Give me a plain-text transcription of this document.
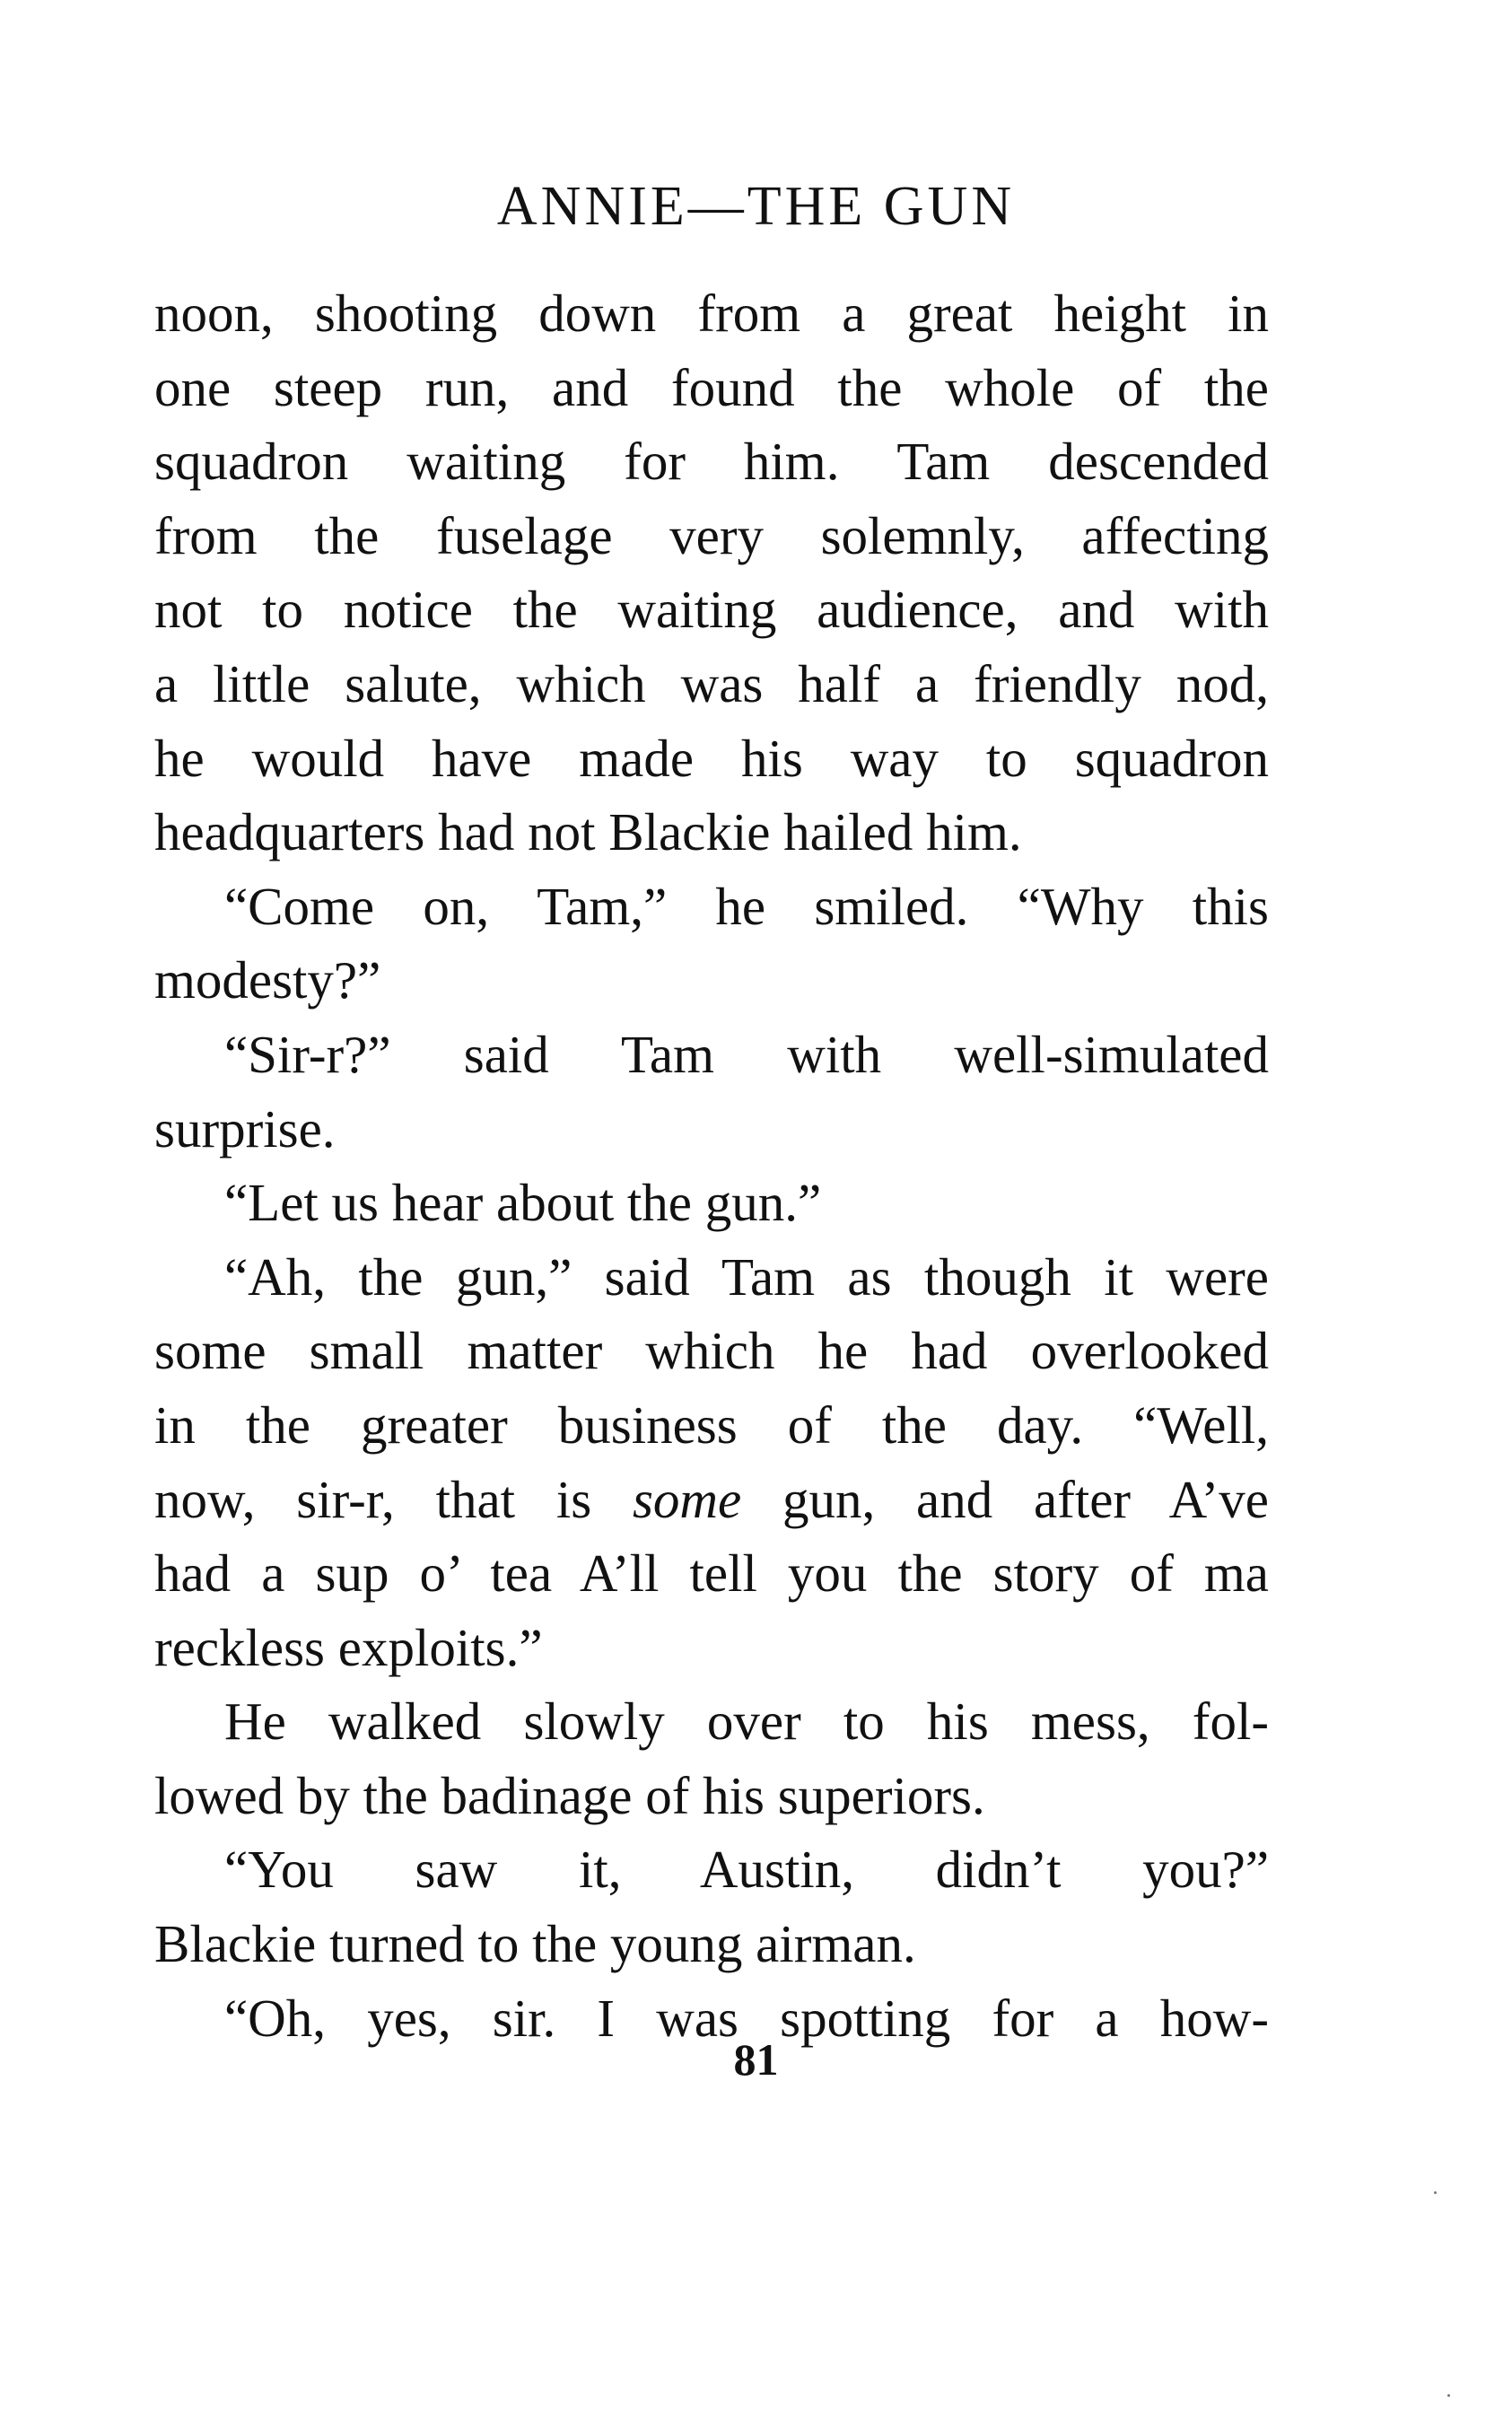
ANNIE—THE GUN
noon, shooting down from a great height in
one steep run, and found the whole of the
squadron waiting for him. Tam descended
from the fuselage very solemnly, affecting
not to notice the waiting audience, and with
a little salute, which was half a friendly nod,
he would have made his way to squadron
headquarters had not Blackie hailed him.
“Come on, Tam,” he smiled. “Why this
modesty?”
“Sir-r?” said Tam with well-simulated
surprise.
“Let us hear about the gun.”
“Ah, the gun,” said Tam as though it were
some small matter which he had overlooked
in the greater business of the day. “Well,
now, sir-r, that is some gun, and after A’ve
had a sup o’ tea A’ll tell you the story of ma
reckless exploits.”
He walked slowly over to his mess, fol-
lowed by the badinage of his superiors.
“You saw it, Austin, didn’t you?”
Blackie turned to the young airman.
“Oh, yes, sir. I was spotting for a how-
81
